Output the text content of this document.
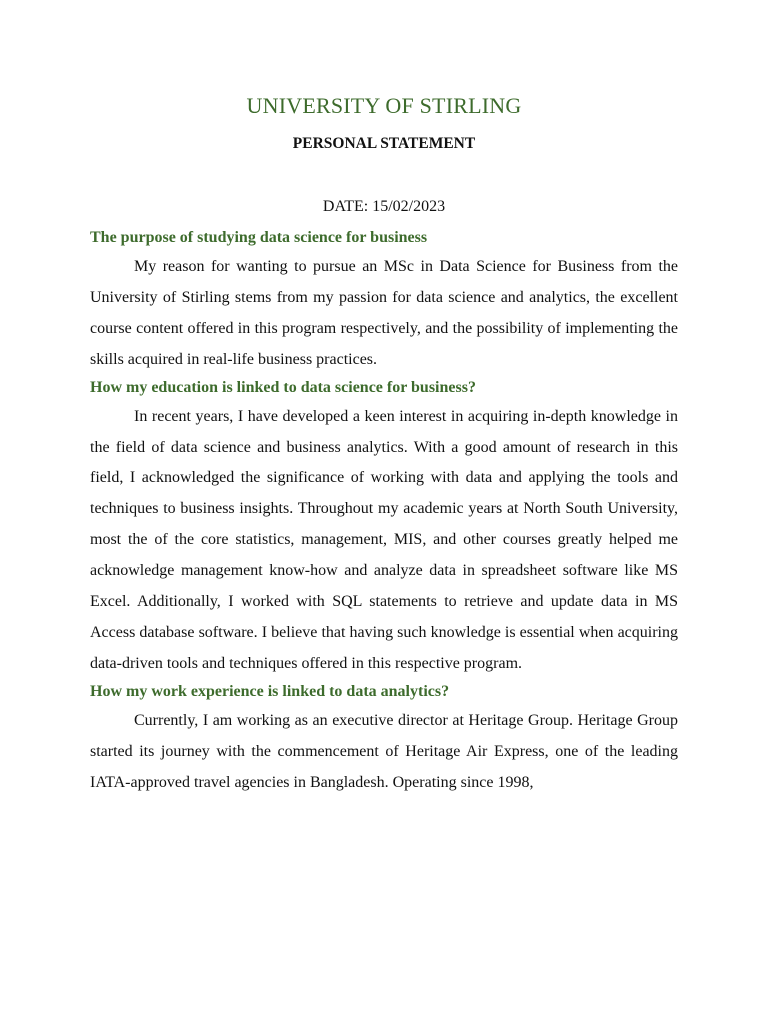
UNIVERSITY OF STIRLING
PERSONAL STATEMENT

DATE: 15/02/2023

The purpose of studying data science for business

My reason for wanting to pursue an MSc in Data Science for Business from the University of Stirling stems from my passion for data science and analytics, the excellent course content offered in this program respectively, and the possibility of implementing the skills acquired in real-life business practices.

How my education is linked to data science for business?

In recent years, I have developed a keen interest in acquiring in-depth knowledge in the field of data science and business analytics. With a good amount of research in this field, I acknowledged the significance of working with data and applying the tools and techniques to business insights. Throughout my academic years at North South University, most the of the core statistics, management, MIS, and other courses greatly helped me acknowledge management know-how and analyze data in spreadsheet software like MS Excel. Additionally, I worked with SQL statements to retrieve and update data in MS Access database software. I believe that having such knowledge is essential when acquiring data-driven tools and techniques offered in this respective program.

How my work experience is linked to data analytics?

Currently, I am working as an executive director at Heritage Group. Heritage Group started its journey with the commencement of Heritage Air Express, one of the leading IATA-approved travel agencies in Bangladesh. Operating since 1998,
